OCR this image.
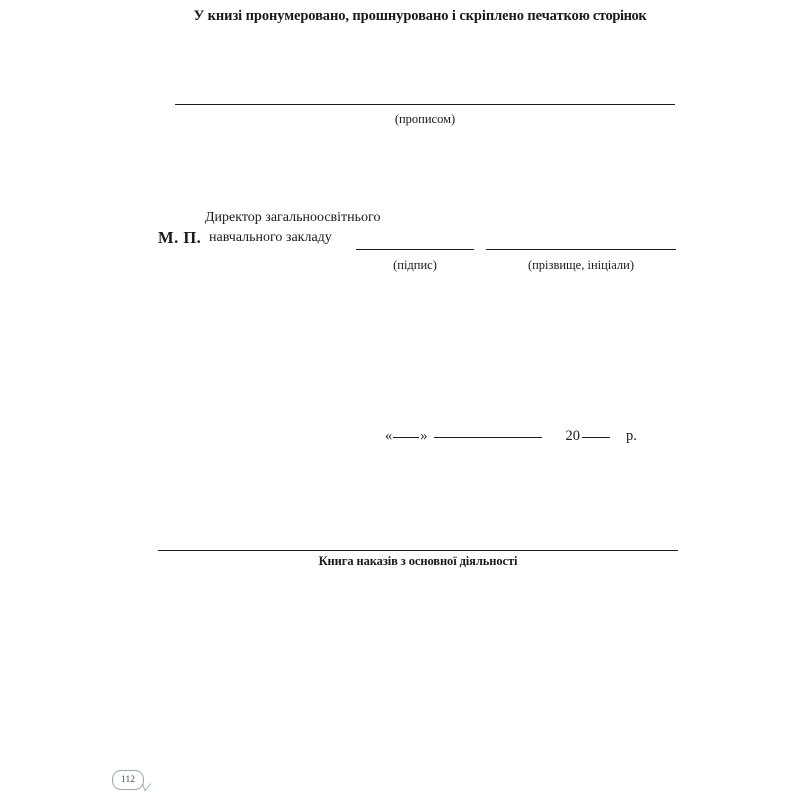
У книзі пронумеровано, прошнуровано і скріплено печаткою сторінок
(прописом)
М. П.
Директор загальноосвітнього
навчального закладу
(підпис)	(прізвище, ініціали)
« »	20	р.
Книга наказів з основної діяльності
112
